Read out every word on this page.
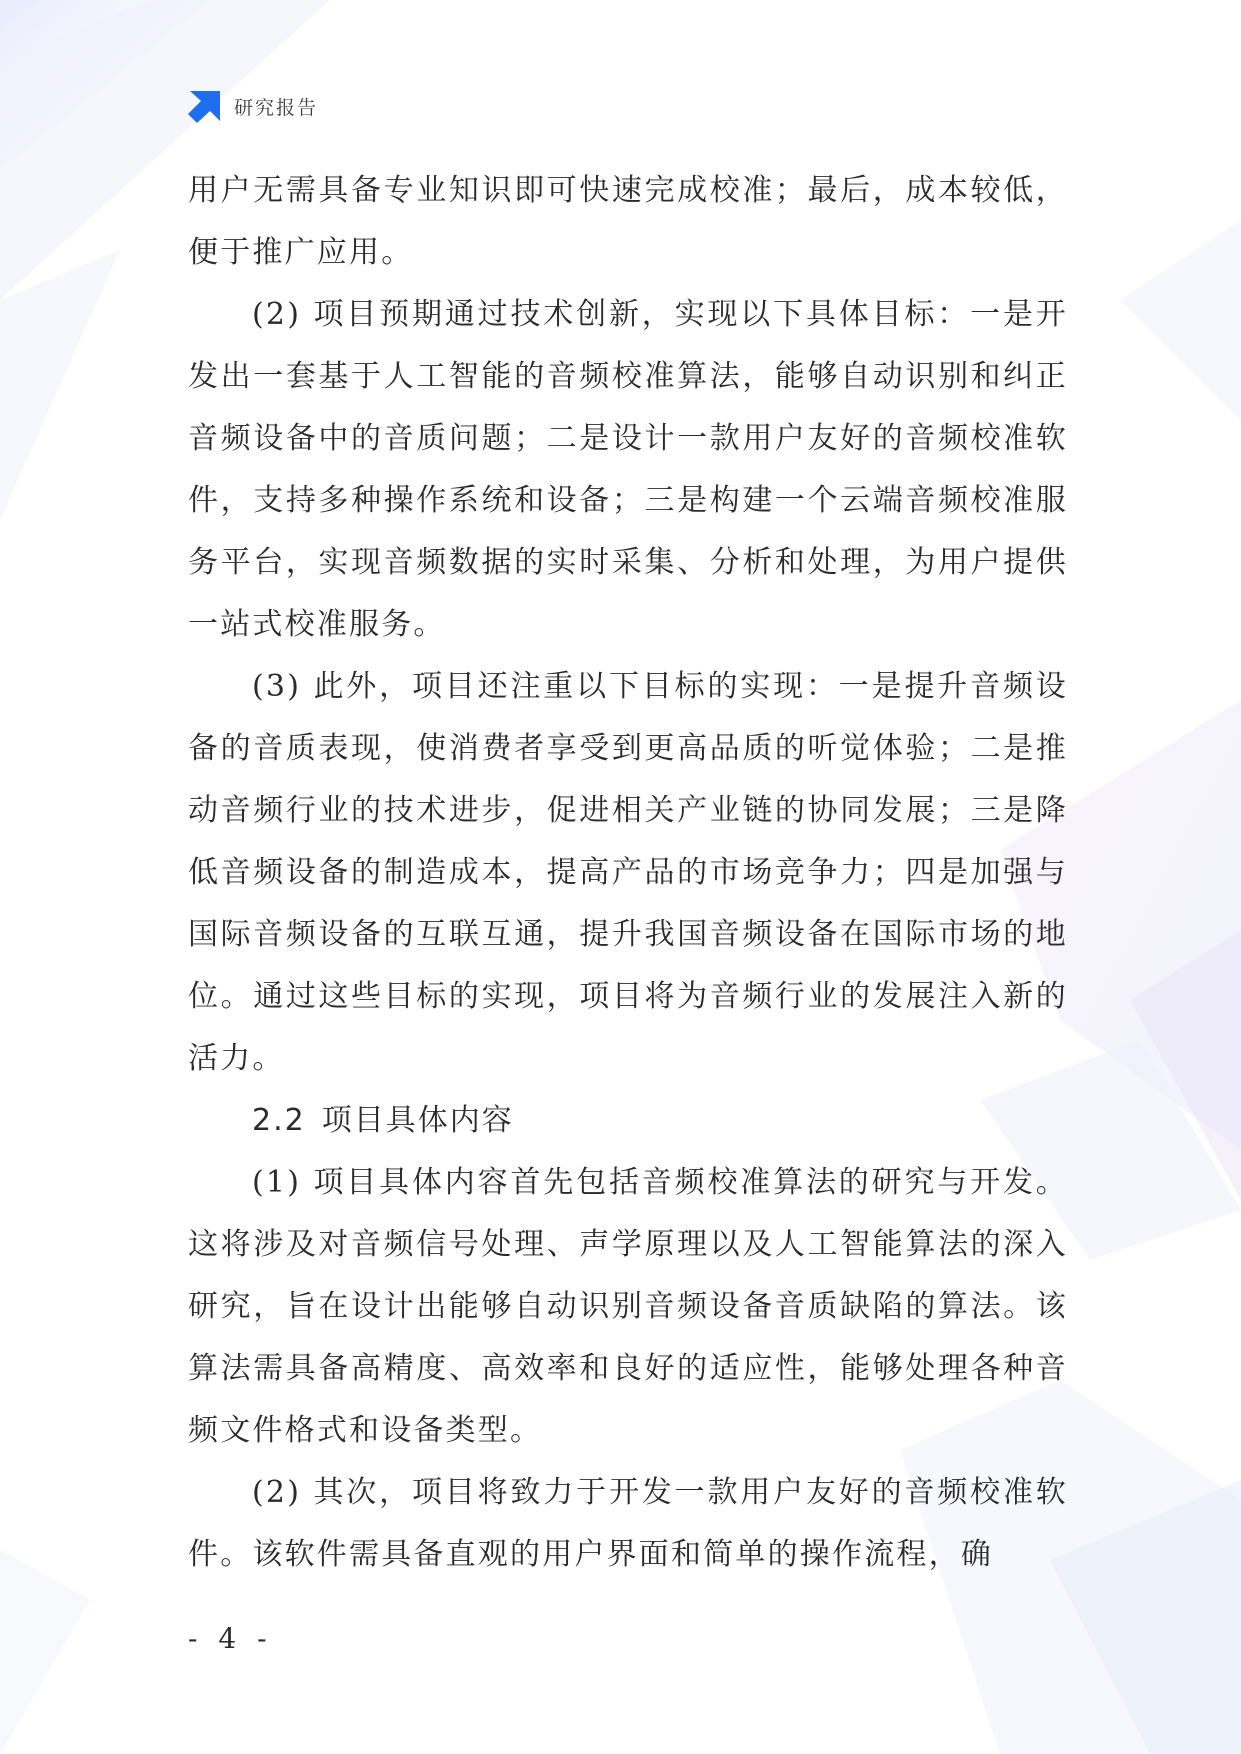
研究报告

用户无需具备专业知识即可快速完成校准；最后，成本较低，便于推广应用。

(2) 项目预期通过技术创新，实现以下具体目标：一是开发出一套基于人工智能的音频校准算法，能够自动识别和纠正音频设备中的音质问题；二是设计一款用户友好的音频校准软件，支持多种操作系统和设备；三是构建一个云端音频校准服务平台，实现音频数据的实时采集、分析和处理，为用户提供一站式校准服务。

(3) 此外，项目还注重以下目标的实现：一是提升音频设备的音质表现，使消费者享受到更高品质的听觉体验；二是推动音频行业的技术进步，促进相关产业链的协同发展；三是降低音频设备的制造成本，提高产品的市场竞争力；四是加强与国际音频设备的互联互通，提升我国音频设备在国际市场的地位。通过这些目标的实现，项目将为音频行业的发展注入新的活力。

2.2 项目具体内容

(1) 项目具体内容首先包括音频校准算法的研究与开发。这将涉及对音频信号处理、声学原理以及人工智能算法的深入研究，旨在设计出能够自动识别音频设备音质缺陷的算法。该算法需具备高精度、高效率和良好的适应性，能够处理各种音频文件格式和设备类型。

(2) 其次，项目将致力于开发一款用户友好的音频校准软件。该软件需具备直观的用户界面和简单的操作流程，确

- 4 -
